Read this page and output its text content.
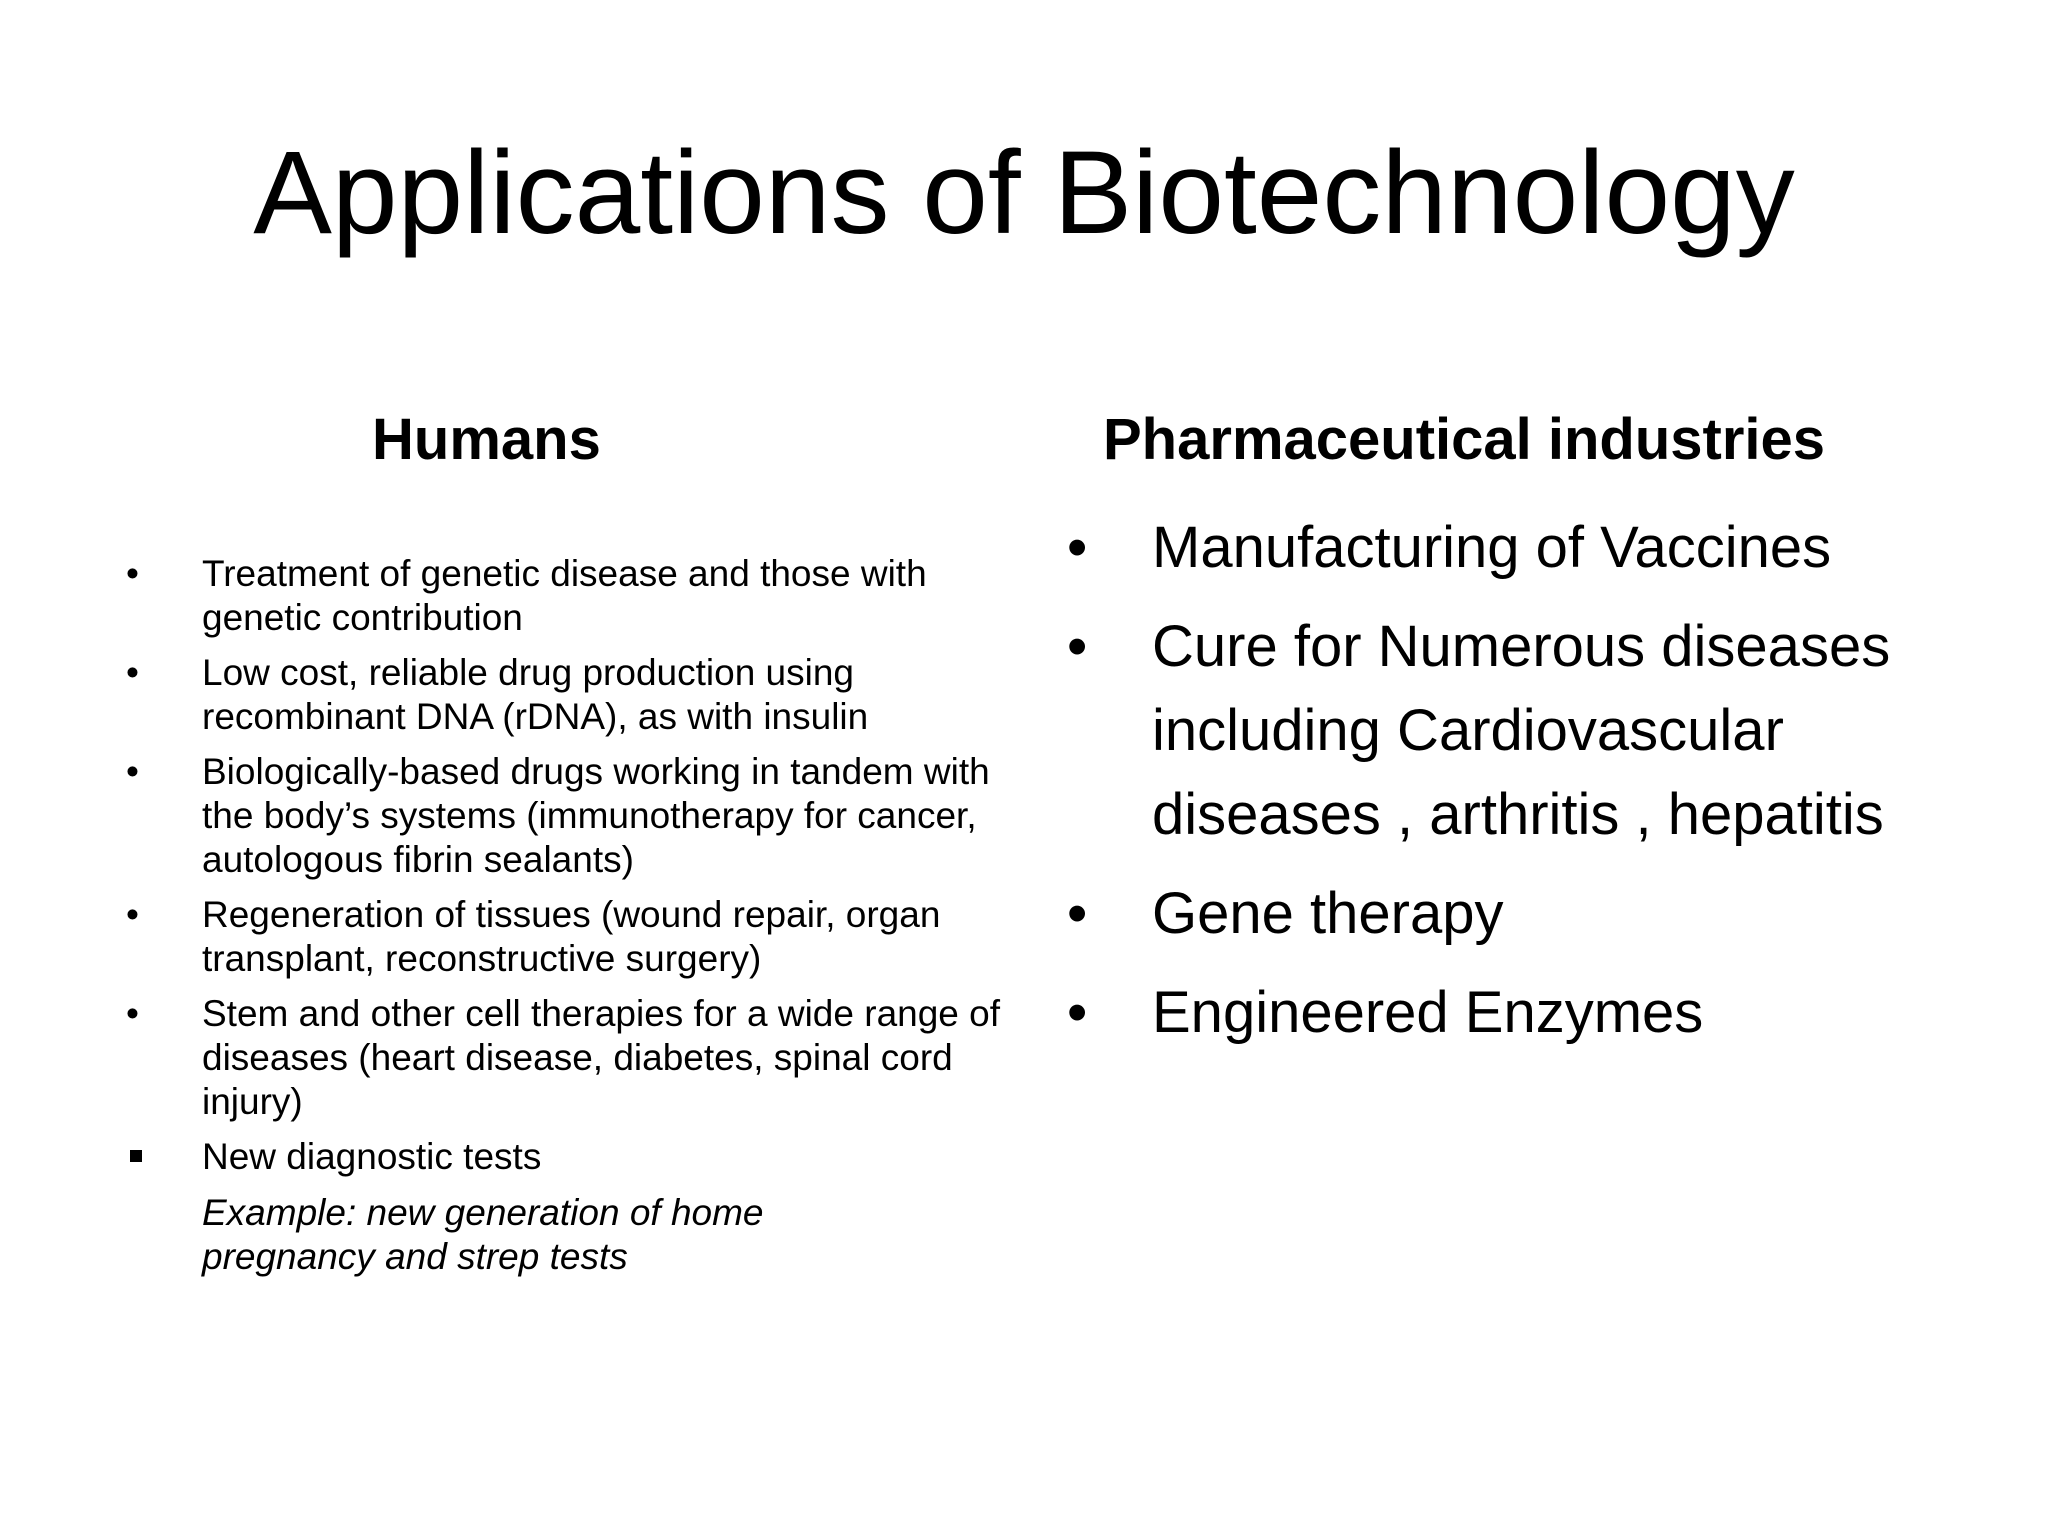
Applications of Biotechnology
Humans	Pharmaceutical industries
•	Treatment of genetic disease and those with genetic contribution
•	Low cost, reliable drug production using recombinant DNA (rDNA), as with insulin
•	Biologically-based drugs working in tandem with the body’s systems (immunotherapy for cancer, autologous fibrin sealants)
•	Regeneration of tissues (wound repair, organ transplant, reconstructive surgery)
•	Stem and other cell therapies for a wide range of diseases (heart disease, diabetes, spinal cord injury)
New diagnostic tests
Example: new generation of home pregnancy and strep tests
• Manufacturing of Vaccines
• Cure for Numerous diseases including Cardiovascular diseases , arthritis , hepatitis
• Gene therapy
• Engineered Enzymes
